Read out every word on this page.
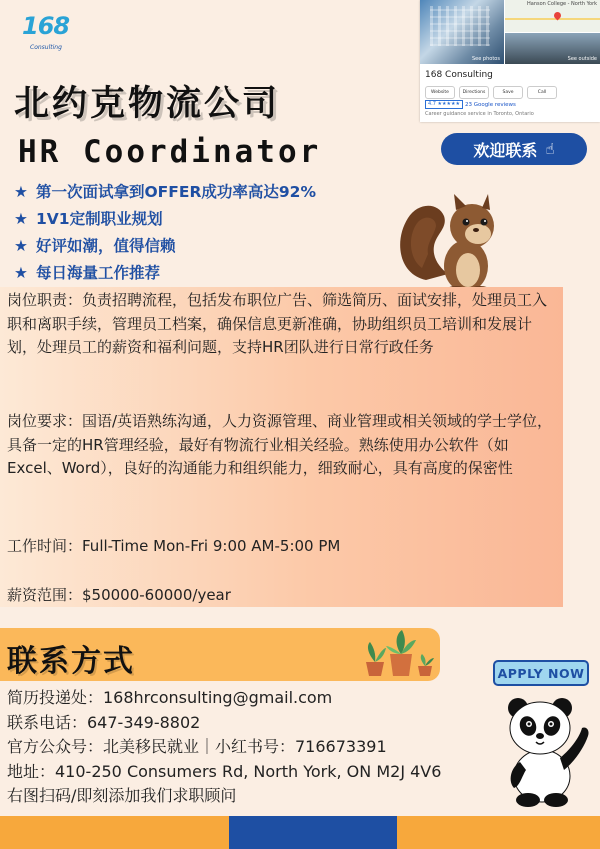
168
Consulting
See photos
Hanson College - North York
See outside
168 Consulting
Website	Directions	Save	Call
4.7 ★★★★★ 23 Google reviews
Career guidance service in Toronto, Ontario
北约克物流公司
HR Coordinator	欢迎联系 ☝
★ 第一次面试拿到OFFER成功率高达92%
★ 1V1定制职业规划
★ 好评如潮，值得信赖
★ 每日海量工作推荐
岗位职责：负责招聘流程，包括发布职位广告、筛选简历、面试安排，处理员工入职和离职手续，管理员工档案，确保信息更新准确，协助组织员工培训和发展计划，处理员工的薪资和福利问题，支持HR团队进行日常行政任务
岗位要求：国语/英语熟练沟通，人力资源管理、商业管理或相关领域的学士学位，具备一定的HR管理经验，最好有物流行业相关经验。熟练使用办公软件（如Excel、Word），良好的沟通能力和组织能力，细致耐心，具有高度的保密性
工作时间：Full-Time Mon-Fri 9:00 AM-5:00 PM
薪资范围：$50000-60000/year
联系方式	APPLY NOW
简历投递处：168hrconsulting@gmail.com
联系电话：647-349-8802
官方公众号：北美移民就业｜小红书号：716673391
地址：410-250 Consumers Rd, North York, ON M2J 4V6
右图扫码/即刻添加我们求职顾问
